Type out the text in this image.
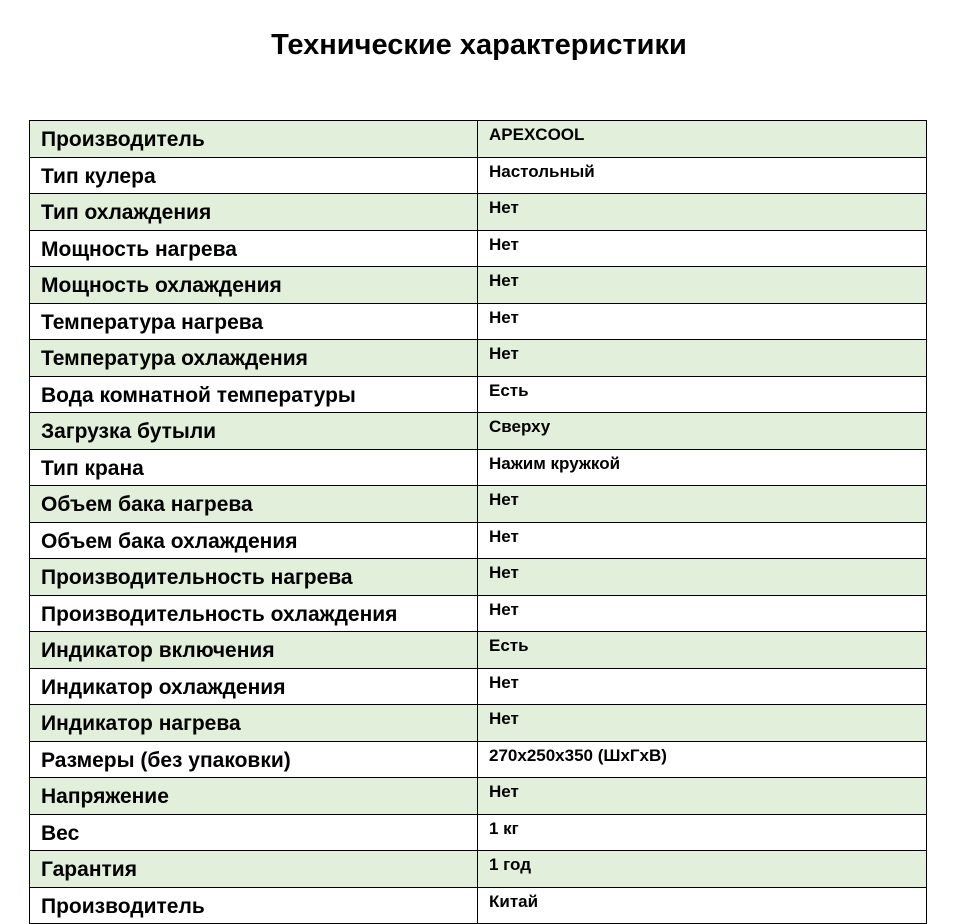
Технические характеристики
Производитель	APEXCOOL
Тип кулера	Настольный
Тип охлаждения	Нет
Мощность нагрева	Нет
Мощность охлаждения	Нет
Температура нагрева	Нет
Температура охлаждения	Нет
Вода комнатной температуры	Есть
Загрузка бутыли	Сверху
Тип крана	Нажим кружкой
Объем бака нагрева	Нет
Объем бака охлаждения	Нет
Производительность нагрева	Нет
Производительность охлаждения	Нет
Индикатор включения	Есть
Индикатор охлаждения	Нет
Индикатор нагрева	Нет
Размеры (без упаковки)	270x250x350 (ШхГхВ)
Напряжение	Нет
Вес	1 кг
Гарантия	1 год
Производитель	Китай
